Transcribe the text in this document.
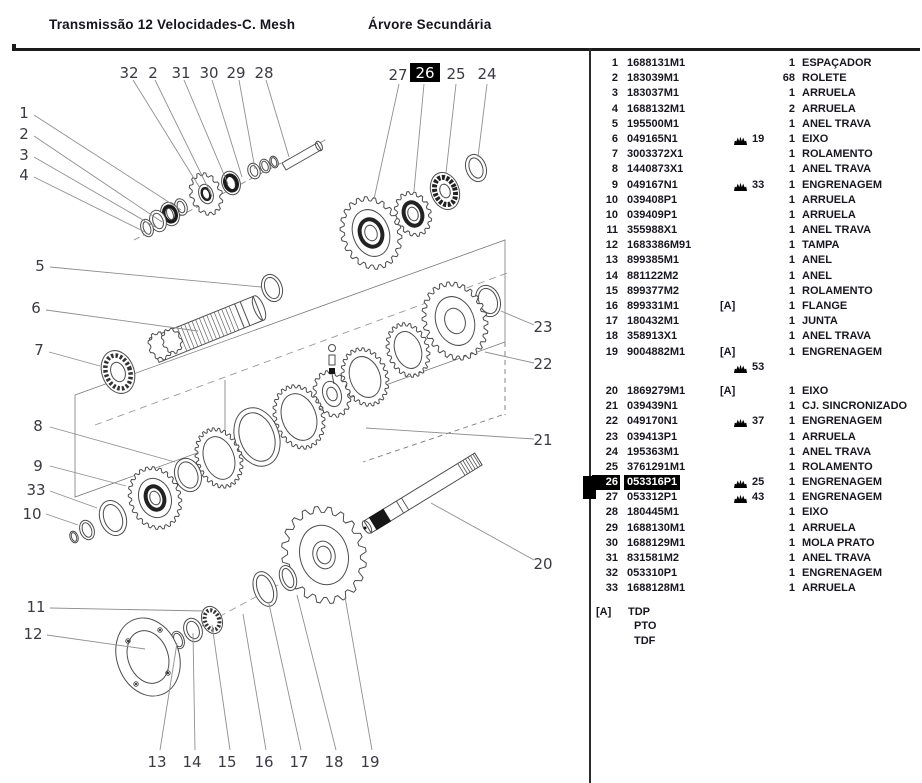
Transmissão 12 Velocidades-C. Mesh	Árvore Secundária
32 2 31 30 29 28	27 26 25 24
1
2
3
4
5
6
7
8
9
33
10
11
12
13 14 15 16 17 18 19
23
22
21
20
1 1688131M1	1 ESPAÇADOR
2 183039M1	68 ROLETE
3 183037M1	1 ARRUELA
4 1688132M1	2 ARRUELA
5 195500M1	1 ANEL TRAVA
6 049165N1	19	1 EIXO
7 3003372X1	1 ROLAMENTO
8 1440873X1	1 ANEL TRAVA
9 049167N1	33	1 ENGRENAGEM
10 039408P1	1 ARRUELA
10 039409P1	1 ARRUELA
11 355988X1	1 ANEL TRAVA
12 1683386M91	1 TAMPA
13 899385M1	1 ANEL
14 881122M2	1 ANEL
15 899377M2	1 ROLAMENTO
16 899331M1	[A]	1 FLANGE
17 180432M1	1 JUNTA
18 358913X1	1 ANEL TRAVA
19 9004882M1	[A]	1 ENGRENAGEM
53
20 1869279M1	[A]	1 EIXO
21 039439N1	1 CJ. SINCRONIZADO
22 049170N1	37	1 ENGRENAGEM
23 039413P1	1 ARRUELA
24 195363M1	1 ANEL TRAVA
25 3761291M1	1 ROLAMENTO
26 053316P1	25	1 ENGRENAGEM
27 053312P1	43	1 ENGRENAGEM
28 180445M1	1 EIXO
29 1688130M1	1 ARRUELA
30 1688129M1	1 MOLA PRATO
31 831581M2	1 ANEL TRAVA
32 053310P1	1 ENGRENAGEM
33 1688128M1	1 ARRUELA
[A] TDP
PTO
TDF
